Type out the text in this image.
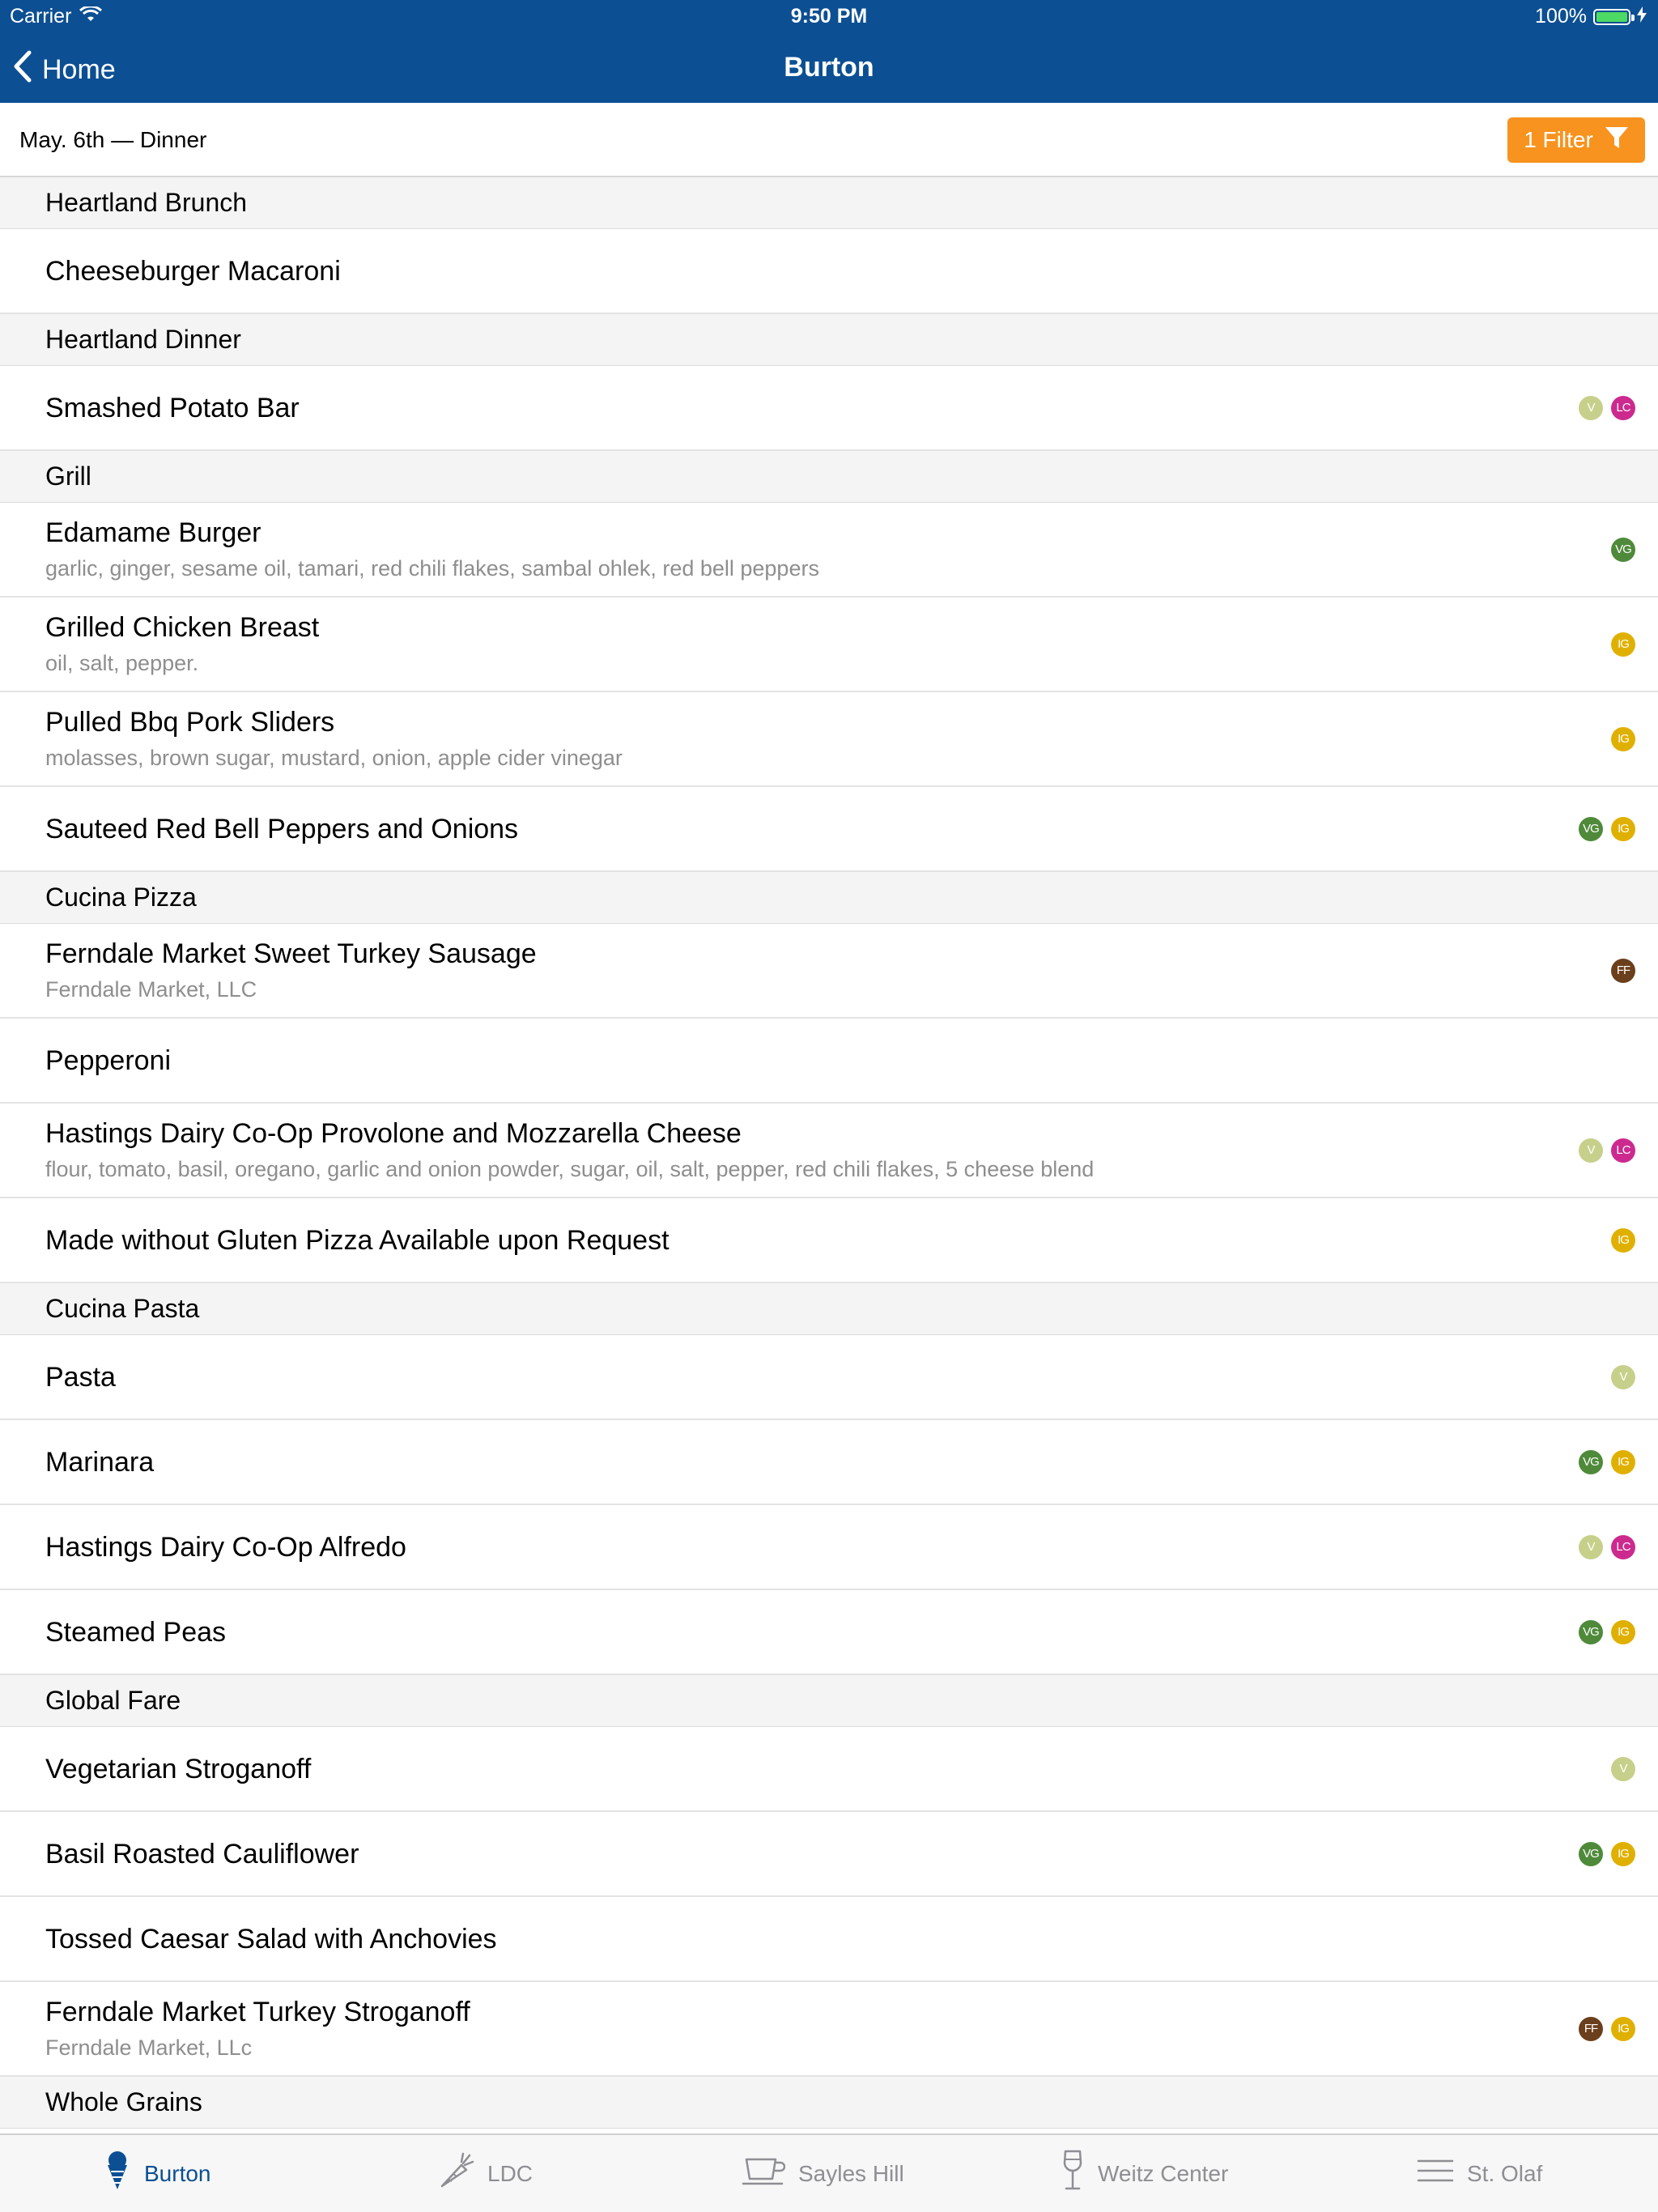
Carrier	9:50 PM	100%
Home	Burton
May. 6th — Dinner	1 Filter
Heartland Brunch
Cheeseburger Macaroni
Heartland Dinner
Smashed Potato Bar	V	LC
Grill
Edamame Burger
garlic, ginger, sesame oil, tamari, red chili flakes, sambal ohlek, red bell peppers
VG
Grilled Chicken Breast
oil, salt, pepper.
IG
Pulled Bbq Pork Sliders
molasses, brown sugar, mustard, onion, apple cider vinegar
IG
Sauteed Red Bell Peppers and Onions	VG	IG
Cucina Pizza
Ferndale Market Sweet Turkey Sausage
Ferndale Market, LLC
FF
Pepperoni
Hastings Dairy Co-Op Provolone and Mozzarella Cheese
flour, tomato, basil, oregano, garlic and onion powder, sugar, oil, salt, pepper, red chili flakes, 5 cheese blend
V	LC
Made without Gluten Pizza Available upon Request	IG
Cucina Pasta
Pasta	V
Marinara	VG	IG
Hastings Dairy Co-Op Alfredo	V	LC
Steamed Peas	VG	IG
Global Fare
Vegetarian Stroganoff	V
Basil Roasted Cauliflower	VG	IG
Tossed Caesar Salad with Anchovies
Ferndale Market Turkey Stroganoff
Ferndale Market, LLc
FF	IG
Whole Grains
Burton	LDC	Sayles Hill	Weitz Center	St. Olaf
